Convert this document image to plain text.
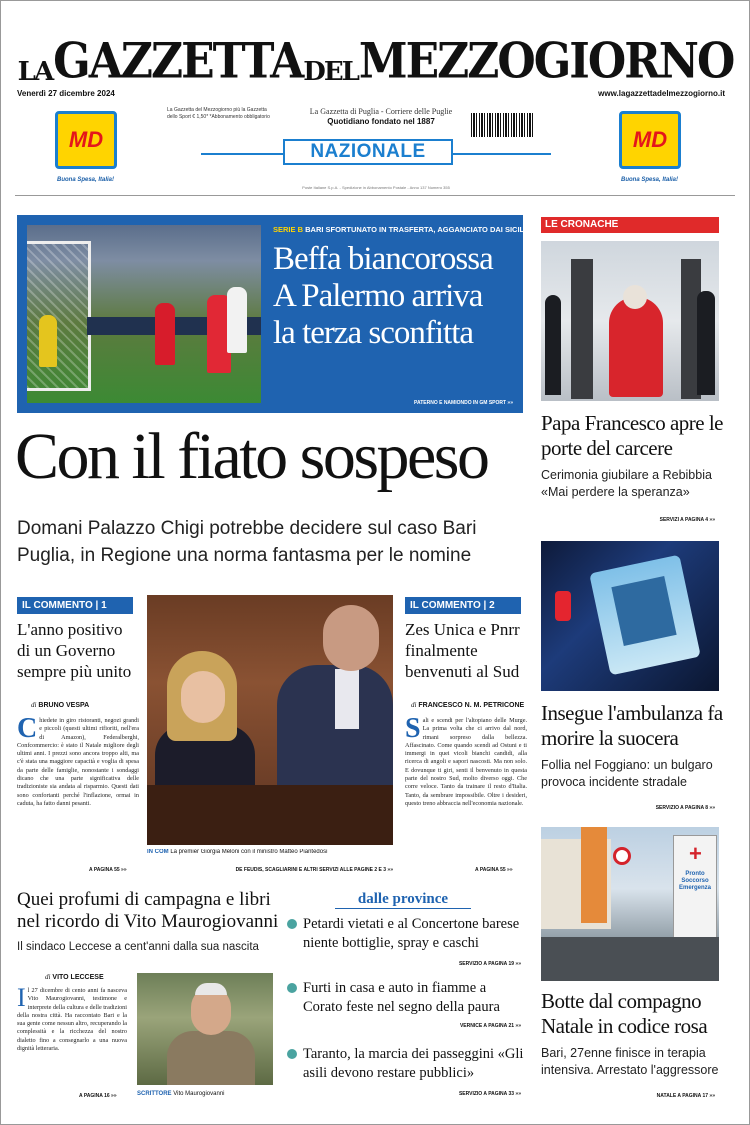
LA GAZZETTA DEL MEZZOGIORNO
Venerdì 27 dicembre 2024	www.lagazzettadelmezzogiorno.it
MD
Buona Spesa, Italia!
MD
Buona Spesa, Italia!
La Gazzetta del Mezzogiorno più la Gazzetta dello Sport € 1,50* *Abbonamento obbligatorio
La Gazzetta di Puglia - Corriere delle Puglie
Quotidiano fondato nel 1887
NAZIONALE
Poste Italiane S.p.A. - Spedizione in Abbonamento Postale - Anno 137 Numero 355
SERIE B BARI SFORTUNATO IN TRASFERTA, AGGANCIATO DAI SICILIANI
Beffa biancorossa
A Palermo arriva
la terza sconfitta
PATERNO E NAMIONDO IN GM SPORT »»
Con il fiato sospeso
Domani Palazzo Chigi potrebbe decidere sul caso Bari Puglia, in Regione una norma fantasma per le nomine
IL COMMENTO | 1
L'anno positivo di un Governo sempre più unito
di BRUNO VESPA
Chiedete in giro ristoranti, negozi grandi e piccoli (questi ultimi rifioriti, nell'era di Amazon), Federalberghi, Confcommercio: è stato il Natale migliore degli ultimi anni. I prezzi sono ancora troppo alti, ma c'è stata una maggiore capacità e voglia di spesa da parte delle famiglie, nonostante i sondaggi dicano che una parte significativa delle tradizioniste sia andata al risparmio. Questi dati sono confortanti perché l'inflazione, ormai in caduta, ha fatto danni pesanti.
A PAGINA 55 »»
IN COM La premier Giorgia Meloni con il ministro Matteo Piantedosi
DE FEUDIS, SCAGLIARINI E ALTRI SERVIZI ALLE PAGINE 2 E 3 »»
IL COMMENTO | 2
Zes Unica e Pnrr finalmente benvenuti al Sud
di FRANCESCO N. M. PETRICONE
Sali e scendi per l'altopiano delle Murge. La prima volta che ci arrivo dal nord, rimani sorpreso dalla bellezza. Affascinato. Come quando scendi ad Ostuni e ti immergi in quei vicoli bianchi candidi, alla ricerca di angoli e sapori nascosti. Ma non solo. E dovunque ti giri, senti il benvenuto in questa parte del nostro Sud, molto diverso oggi. Che corre veloce. Tanto da trainare il resto d'Italia. Tanto, da sembrare impossibile. Oltre i desideri, questo treno abbraccia nell'economia nazionale.
A PAGINA 55 »»
Quei profumi di campagna e libri nel ricordo di Vito Maurogiovanni
Il sindaco Leccese a cent'anni dalla sua nascita
di VITO LECCESE
Il 27 dicembre di cento anni fa nasceva Vito Maurogiovanni, testimone e interprete della cultura e delle tradizioni della nostra città. Ha raccontato Bari e la sua gente come nessun altro, recuperando la complessità e la ricchezza del nostro dialetto fino a consegnarlo a una nuova dignità letteraria.
A PAGINA 16 »»	SCRITTORE Vito Maurogiovanni
dalle province
Petardi vietati e al Concertone barese niente bottiglie, spray e caschi
SERVIZIO A PAGINA 19 »»
Furti in casa e auto in fiamme a Corato feste nel segno della paura
VERNICE A PAGINA 21 »»
Taranto, la marcia dei passeggini «Gli asili devono restare pubblici»
SERVIZIO A PAGINA 33 »»
LE CRONACHE
Papa Francesco apre le porte del carcere
Cerimonia giubilare a Rebibbia «Mai perdere la speranza»
SERVIZI A PAGINA 4 »»
Insegue l'ambulanza fa morire la suocera
Follia nel Foggiano: un bulgaro provoca incidente stradale
SERVIZIO A PAGINA 8 »»
+
Pronto Soccorso Emergenza
Botte dal compagno Natale in codice rosa
Bari, 27enne finisce in terapia intensiva. Arrestato l'aggressore
NATALE A PAGINA 17 »»
